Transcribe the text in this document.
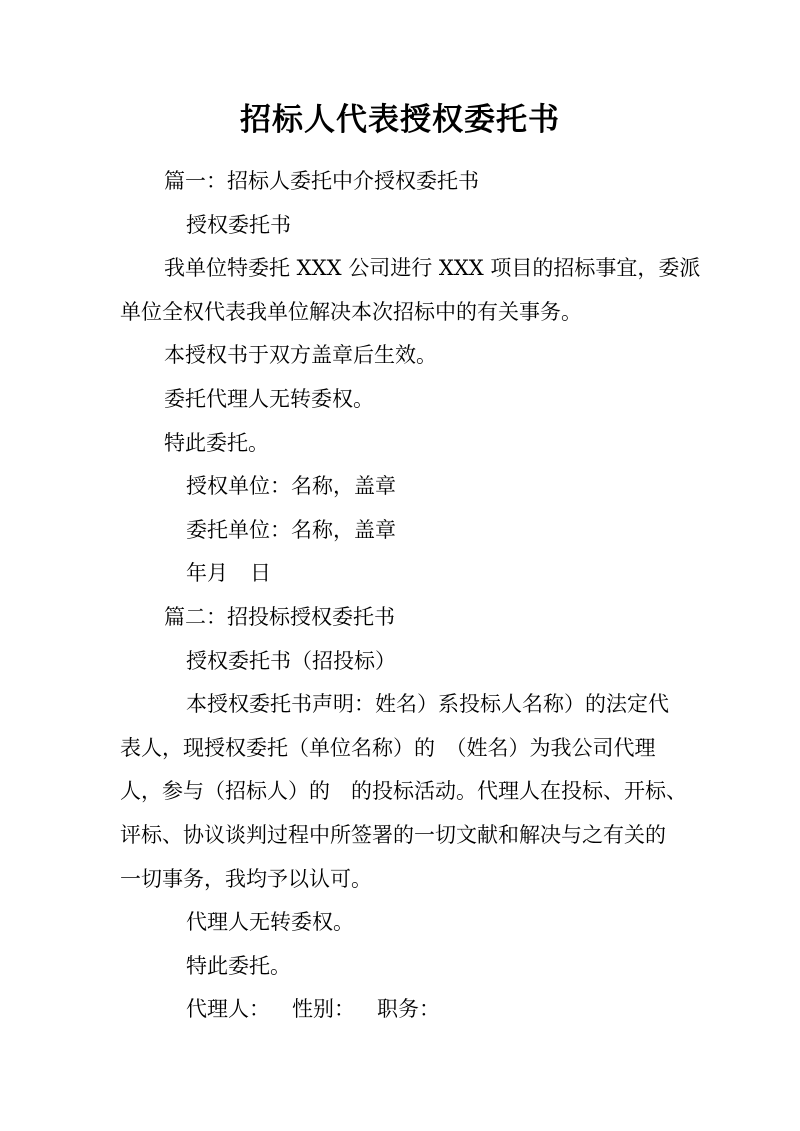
招标人代表授权委托书
篇一：招标人委托中介授权委托书
授权委托书
我单位特委托 XXX 公司进行 XXX 项目的招标事宜，委派
单位全权代表我单位解决本次招标中的有关事务。
本授权书于双方盖章后生效。
委托代理人无转委权。
特此委托。
授权单位：名称，盖章
委托单位：名称，盖章
年月 日
篇二：招投标授权委托书
授权委托书（招投标）
本授权委托书声明：姓名）系投标人名称）的法定代
表人，现授权委托（单位名称）的　（姓名）为我公司代理
人，参与（招标人）的　的投标活动。代理人在投标、开标、
评标、协议谈判过程中所签署的一切文献和解决与之有关的
一切事务，我均予以认可。
代理人无转委权。
特此委托。
代理人： 性别： 职务：
